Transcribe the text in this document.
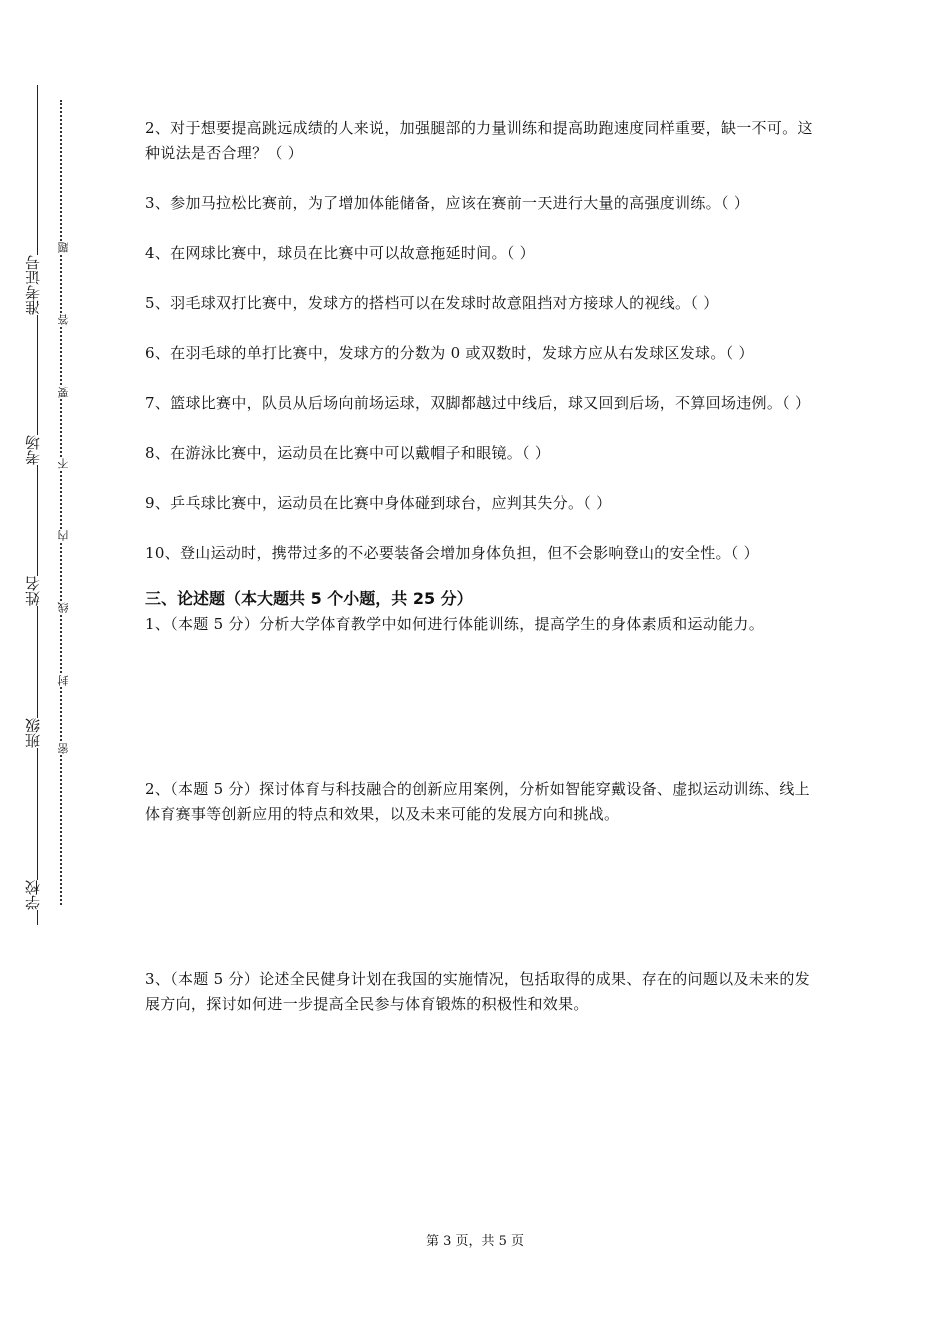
学校
班级
姓名
考场
准考证号
密
封
线
内
不
要
答
题

2、对于想要提高跳远成绩的人来说，加强腿部的力量训练和提高助跑速度同样重要，缺一不可。这种说法是否合理？（ ）

3、参加马拉松比赛前，为了增加体能储备，应该在赛前一天进行大量的高强度训练。（ ）

4、在网球比赛中，球员在比赛中可以故意拖延时间。（ ）

5、羽毛球双打比赛中，发球方的搭档可以在发球时故意阻挡对方接球人的视线。（ ）

6、在羽毛球的单打比赛中，发球方的分数为 0 或双数时，发球方应从右发球区发球。（ ）

7、篮球比赛中，队员从后场向前场运球，双脚都越过中线后，球又回到后场，不算回场违例。（ ）

8、在游泳比赛中，运动员在比赛中可以戴帽子和眼镜。（ ）

9、乒乓球比赛中，运动员在比赛中身体碰到球台，应判其失分。（ ）

10、登山运动时，携带过多的不必要装备会增加身体负担，但不会影响登山的安全性。（ ）

三、论述题（本大题共 5 个小题，共 25 分）

1、（本题 5 分）分析大学体育教学中如何进行体能训练，提高学生的身体素质和运动能力。

2、（本题 5 分）探讨体育与科技融合的创新应用案例，分析如智能穿戴设备、虚拟运动训练、线上体育赛事等创新应用的特点和效果，以及未来可能的发展方向和挑战。

3、（本题 5 分）论述全民健身计划在我国的实施情况，包括取得的成果、存在的问题以及未来的发展方向，探讨如何进一步提高全民参与体育锻炼的积极性和效果。

第 3 页，共 5 页
